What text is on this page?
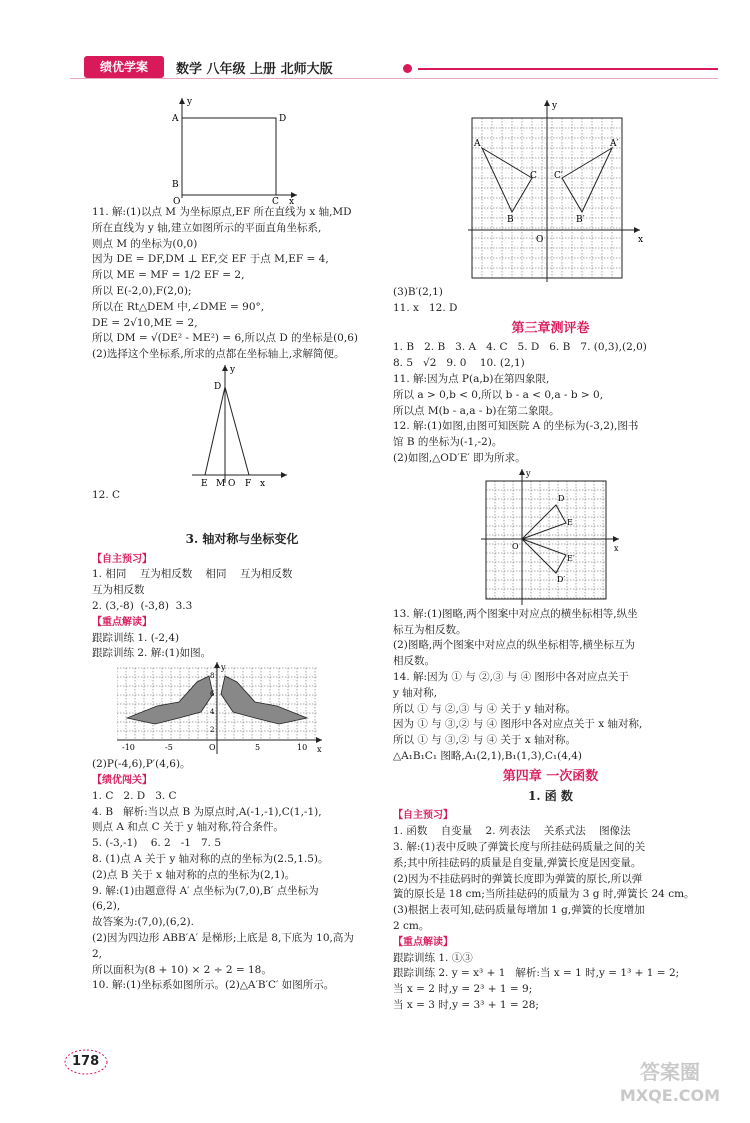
绩优学案	数学 八年级 上册 北师大版
y
A	D
B
O	C x
11. 解:(1)以点 M 为坐标原点,EF 所在直线为 x 轴,MD
所在直线为 y 轴,建立如图所示的平面直角坐标系,
则点 M 的坐标为(0,0)
因为 DE = DF,DM ⊥ EF,交 EF 于点 M,EF = 4,
所以 ME = MF = 1/2 EF = 2,
所以 E(-2,0),F(2,0);
所以在 Rt△DEM 中,∠DME = 90°,
DE = 2√10,ME = 2,
所以 DM = √(DE² - ME²) = 6,所以点 D 的坐标是(0,6)
(2)选择这个坐标系,所求的点都在坐标轴上,求解简便。
y
D
E M O F x
12. C
3. 轴对称与坐标变化
【自主预习】
1. 相同    互为相反数    相同    互为相反数
互为相反数
2. (3,-8)  (-3,8)  3.3
【重点解读】
跟踪训练 1. (-2,4)
跟踪训练 2. 解:(1)如图。
y
x
-10	-5	O	5	10
8
6
4
2
(2)P(-4,6),P′(4,6)。
【绩优闯关】
1. C   2. D   3. C
4. B   解析:当以点 B 为原点时,A(-1,-1),C(1,-1),
则点 A 和点 C 关于 y 轴对称,符合条件。
5. (-3,-1)    6. 2   -1   7. 5
8. (1)点 A 关于 y 轴对称的点的坐标为(2.5,1.5)。
(2)点 B 关于 x 轴对称的点的坐标为(2,1)。
9. 解:(1)由题意得 A′ 点坐标为(7,0),B′ 点坐标为
(6,2),
故答案为:(7,0),(6,2).
(2)因为四边形 ABB′A′ 是梯形;上底是 8,下底为 10,高为
2,
所以面积为(8 + 10) × 2 ÷ 2 = 18。
10. 解:(1)坐标系如图所示。(2)△A′B′C′ 如图所示。
y
A	A′
C C′
B	B′
O	x
(3)B′(2,1)
11. x   12. D
第三章测评卷
1. B   2. B   3. A   4. C   5. D   6. B   7. (0,3),(2,0)
8. 5   √2   9. 0    10. (2,1)
11. 解:因为点 P(a,b)在第四象限,
所以 a > 0,b < 0,所以 b - a < 0,a - b > 0,
所以点 M(b - a,a - b)在第二象限。
12. 解:(1)如图,由图可知医院 A 的坐标为(-3,2),图书
馆 B 的坐标为(-1,-2)。
(2)如图,△OD′E′ 即为所求。
y
x
E
D
O
E′
D′
13. 解:(1)图略,两个图案中对应点的横坐标相等,纵坐
标互为相反数。
(2)图略,两个图案中对应点的纵坐标相等,横坐标互为
相反数。
14. 解:因为 ① 与 ②,③ 与 ④ 图形中各对应点关于
y 轴对称,
所以 ① 与 ②,③ 与 ④ 关于 y 轴对称。
因为 ① 与 ③,② 与 ④ 图形中各对应点关于 x 轴对称,
所以 ① 与 ③,② 与 ④ 关于 x 轴对称。
△A₁B₁C₁ 图略,A₁(2,1),B₁(1,3),C₁(4,4)
第四章 一次函数
1. 函 数
【自主预习】
1. 函数    自变量    2. 列表法    关系式法    图像法
3. 解:(1)表中反映了弹簧长度与所挂砝码质量之间的关
系;其中所挂砝码的质量是自变量,弹簧长度是因变量。
(2)因为不挂砝码时的弹簧长度即为弹簧的原长,所以弹
簧的原长是 18 cm;当所挂砝码的质量为 3 g 时,弹簧长 24 cm。
(3)根据上表可知,砝码质量每增加 1 g,弹簧的长度增加
2 cm。
【重点解读】
跟踪训练 1. ①③
跟踪训练 2. y = x³ + 1   解析:当 x = 1 时,y = 1³ + 1 = 2;
当 x = 2 时,y = 2³ + 1 = 9;
当 x = 3 时,y = 3³ + 1 = 28;
178	答案圈
MXQE.COM
